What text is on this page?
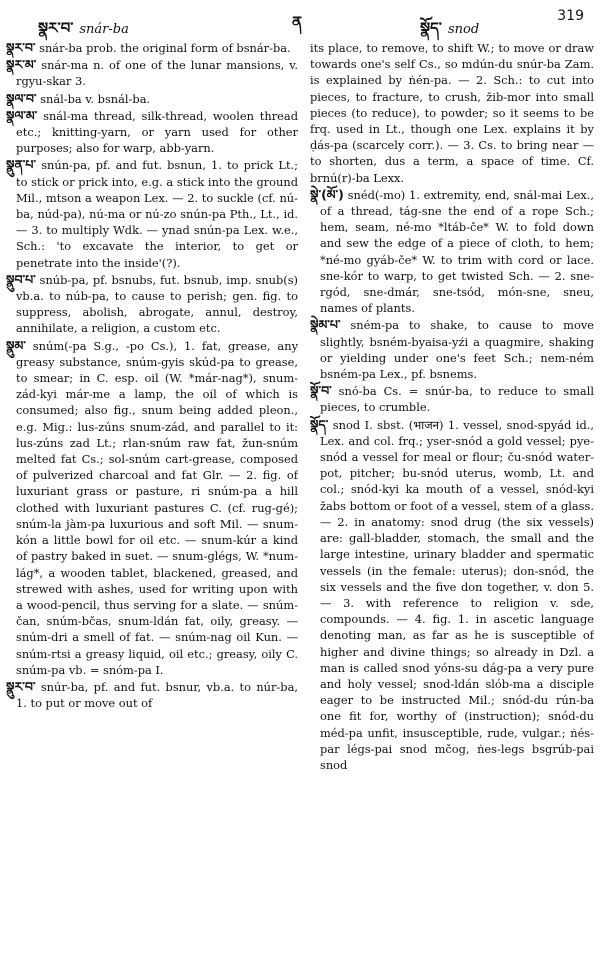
སྣར་བ་ snár-ba	ན	སྣོད་ snod
319

སྣར་བ་ snár-ba prob. the original form of bsnár-ba.

སྣར་མ་ snár-ma n. of one of the lunar mansions, v. rgyu-skar 3.

སྣལ་བ་ snál-ba v. bsnál-ba.

སྣལ་མ་ snál-ma thread, silk-thread, woolen thread etc.; knitting-yarn, or yarn used for other purposes; also for warp, abb-yarn.

སྣུན་པ་ snún-pa, pf. and fut. bsnun, 1. to prick Lt.; to stick or prick into, e.g. a stick into the ground Mil., mtson a weapon Lex. — 2. to suckle (cf. nú-ba, núd-pa), nú-ma or nú-zo snún-pa Pth., Lt., id. — 3. to multiply Wdk. — ynad snún-pa Lex. w.e., Sch.: 'to excavate the interior, to get or penetrate into the inside'(?).

སྣུབ་པ་ snúb-pa, pf. bsnubs, fut. bsnub, imp. snub(s) vb.a. to núb-pa, to cause to perish; gen. fig. to suppress, abolish, abrogate, annul, destroy, annihilate, a religion, a custom etc.

སྣུམ་ snúm(-pa S.g., -po Cs.), 1. fat, grease, any greasy substance, snúm-gyis skúd-pa to grease, to smear; in C. esp. oil (W. *már-nag*), snum-zád-kyi már-me a lamp, the oil of which is consumed; also fig., snum being added pleon., e.g. Mig.: lus-zúns snum-zád, and parallel to it: lus-zúns zad Lt.; rlan-snúm raw fat, žun-snúm melted fat Cs.; sol-snúm cart-grease, composed of pulverized charcoal and fat Glr. — 2. fig. of luxuriant grass or pasture, ri snúm-pa a hill clothed with luxuriant pastures C. (cf. rug-gé); snúm-la jàm-pa luxurious and soft Mil. — snum-kón a little bowl for oil etc. — snum-kúr a kind of pastry baked in suet. — snum-glégs, W. *num-lág*, a wooden tablet, blackened, greased, and strewed with ashes, used for writing upon with a wood-pencil, thus serving for a slate. — snúm-čan, snúm-bčas, snum-ldán fat, oily, greasy. — snúm-dri a smell of fat. — snúm-nag oil Kun. — snúm-rtsi a greasy liquid, oil etc.; greasy, oily C. snúm-pa vb. = snóm-pa I.

སྣུར་བ་ snúr-ba, pf. and fut. bsnur, vb.a. to núr-ba, 1. to put or move out of

its place, to remove, to shift W.; to move or draw towards one's self Cs., so mdún-du snúr-ba Zam. is explained by ṅén-pa. — 2. Sch.: to cut into pieces, to fracture, to crush, žib-mor into small pieces (to reduce), to powder; so it seems to be frq. used in Lt., though one Lex. explains it by ḍás-pa (scarcely corr.). — 3. Cs. to bring near — to shorten, dus a term, a space of time. Cf. brnú(r)-ba Lexx.

སྣེ་(མོ་) snéd(-mo) 1. extremity, end, snál-mai Lex., of a thread, tág-sne the end of a rope Sch.; hem, seam, né-mo *ltáb-če* W. to fold down and sew the edge of a piece of cloth, to hem; *né-mo gyáb-če* W. to trim with cord or lace. sne-kór to warp, to get twisted Sch. — 2. sne-rgód, sne-dmár, sne-tsód, món-sne, sneu, names of plants.

སྣེམ་པ་ sném-pa to shake, to cause to move slightly, bsném-byaisa-yźi a quagmire, shaking or yielding under one's feet Sch.; nem-ném bsném-pa Lex., pf. bsnems.

སྣོ་བ་ snó-ba Cs. = snúr-ba, to reduce to small pieces, to crumble.

སྣོད་ snod I. sbst. (भाजन) 1. vessel, snod-spyád id., Lex. and col. frq.; yser-snód a gold vessel; pye-snód a vessel for meal or flour; ču-snód water-pot, pitcher; bu-snód uterus, womb, Lt. and col.; snód-kyi ka mouth of a vessel, snód-kyi žabs bottom or foot of a vessel, stem of a glass. — 2. in anatomy: snod drug (the six vessels) are: gall-bladder, stomach, the small and the large intestine, urinary bladder and spermatic vessels (in the female: uterus); don-snód, the six vessels and the five don together, v. don 5. — 3. with reference to religion v. sde, compounds. — 4. fig. 1. in ascetic language denoting man, as far as he is susceptible of higher and divine things; so already in Dzl. a man is called snod yóns-su dág-pa a very pure and holy vessel; snod-ldán slób-ma a disciple eager to be instructed Mil.; snód-du rún-ba one fit for, worthy of (instruction); snód-du méd-pa unfit, insusceptible, rude, vulgar.; ṅés-par légs-pai snod mčog, ṅes-legs bsgrúb-pai snod
